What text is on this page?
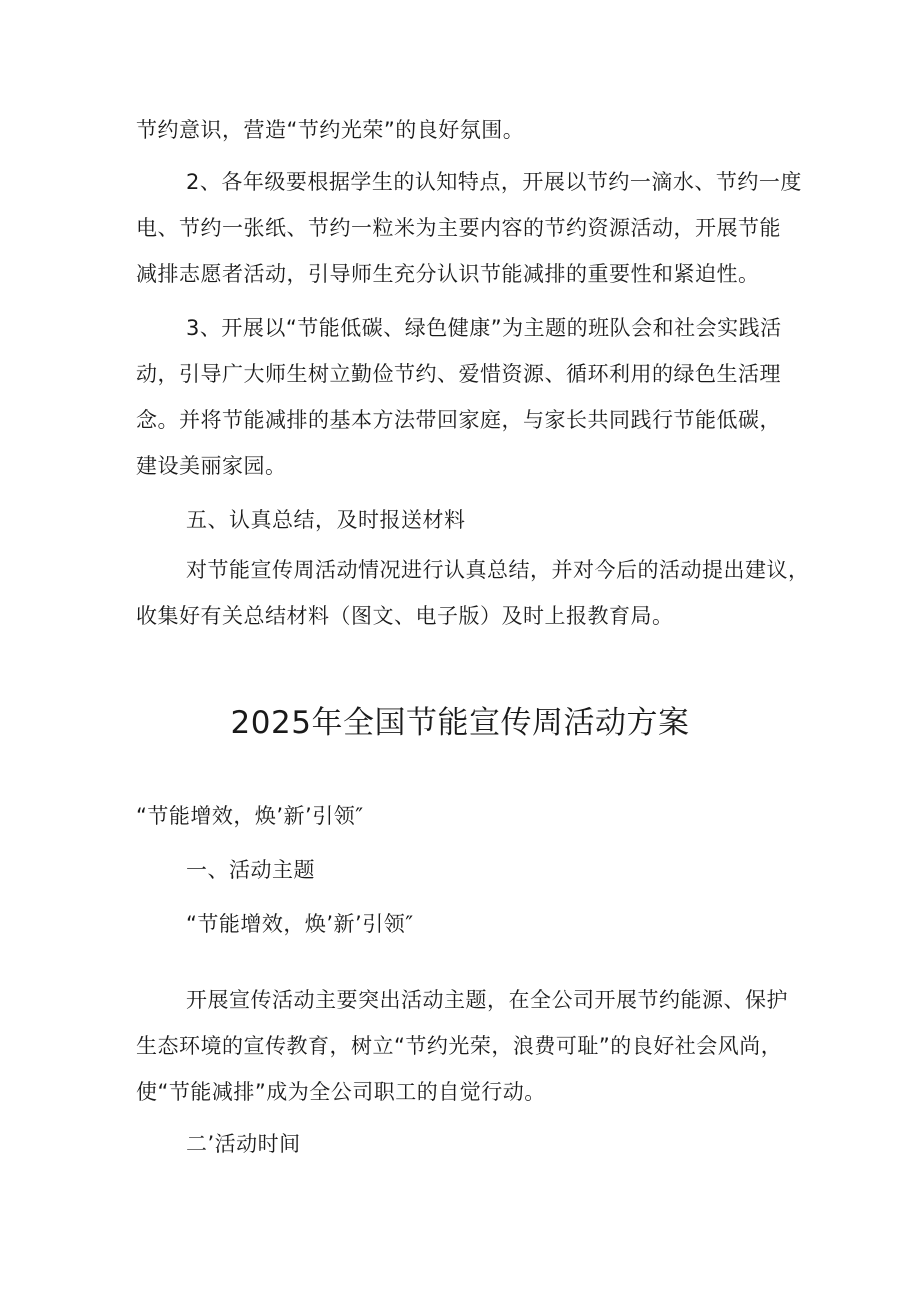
节约意识，营造“节约光荣”的良好氛围。
2、各年级要根据学生的认知特点，开展以节约一滴水、节约一度
电、节约一张纸、节约一粒米为主要内容的节约资源活动，开展节能
减排志愿者活动，引导师生充分认识节能减排的重要性和紧迫性。
3、开展以“节能低碳、绿色健康”为主题的班队会和社会实践活
动，引导广大师生树立勤俭节约、爱惜资源、循环利用的绿色生活理
念。并将节能减排的基本方法带回家庭，与家长共同践行节能低碳，
建设美丽家园。
五、认真总结，及时报送材料
对节能宣传周活动情况进行认真总结，并对今后的活动提出建议，
收集好有关总结材料（图文、电子版）及时上报教育局。
2025年全国节能宣传周活动方案
“节能增效，焕’新’引领″
一、活动主题
“节能增效，焕’新’引领″
开展宣传活动主要突出活动主题，在全公司开展节约能源、保护
生态环境的宣传教育，树立“节约光荣，浪费可耻”的良好社会风尚，
使“节能减排”成为全公司职工的自觉行动。
二’活动时间
